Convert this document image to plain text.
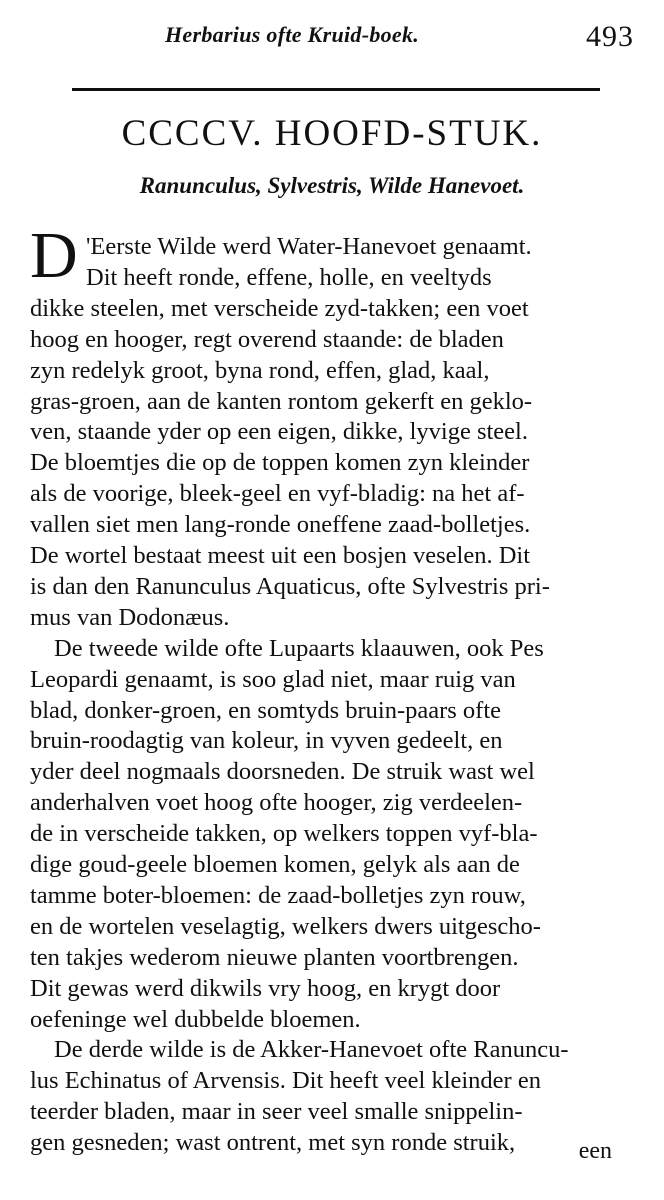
Herbarius ofte Kruid-boek.	493
CCCCV. HOOFD-STUK.
Ranunculus, Sylvestris, Wilde Hanevoet.
D 'Eerste Wilde werd Water-Hanevoet genaamt.
Dit heeft ronde, effene, holle, en veeltyds
dikke steelen, met verscheide zyd-takken; een voet
hoog en hooger, regt overend staande: de bladen
zyn redelyk groot, byna rond, effen, glad, kaal,
gras-groen, aan de kanten rontom gekerft en geklo-
ven, staande yder op een eigen, dikke, lyvige steel.
De bloemtjes die op de toppen komen zyn kleinder
als de voorige, bleek-geel en vyf-bladig: na het af-
vallen siet men lang-ronde oneffene zaad-bolletjes.
De wortel bestaat meest uit een bosjen veselen. Dit
is dan den Ranunculus Aquaticus, ofte Sylvestris pri-
mus van Dodonæus.
De tweede wilde ofte Lupaarts klaauwen, ook Pes
Leopardi genaamt, is soo glad niet, maar ruig van
blad, donker-groen, en somtyds bruin-paars ofte
bruin-roodagtig van koleur, in vyven gedeelt, en
yder deel nogmaals doorsneden. De struik wast wel
anderhalven voet hoog ofte hooger, zig verdeelen-
de in verscheide takken, op welkers toppen vyf-bla-
dige goud-geele bloemen komen, gelyk als aan de
tamme boter-bloemen: de zaad-bolletjes zyn rouw,
en de wortelen veselagtig, welkers dwers uitgescho-
ten takjes wederom nieuwe planten voortbrengen.
Dit gewas werd dikwils vry hoog, en krygt door
oefeninge wel dubbelde bloemen.
De derde wilde is de Akker-Hanevoet ofte Ranuncu-
lus Echinatus of Arvensis. Dit heeft veel kleinder en
teerder bladen, maar in seer veel smalle snippelin-
gen gesneden; wast ontrent, met syn ronde struik,	een
